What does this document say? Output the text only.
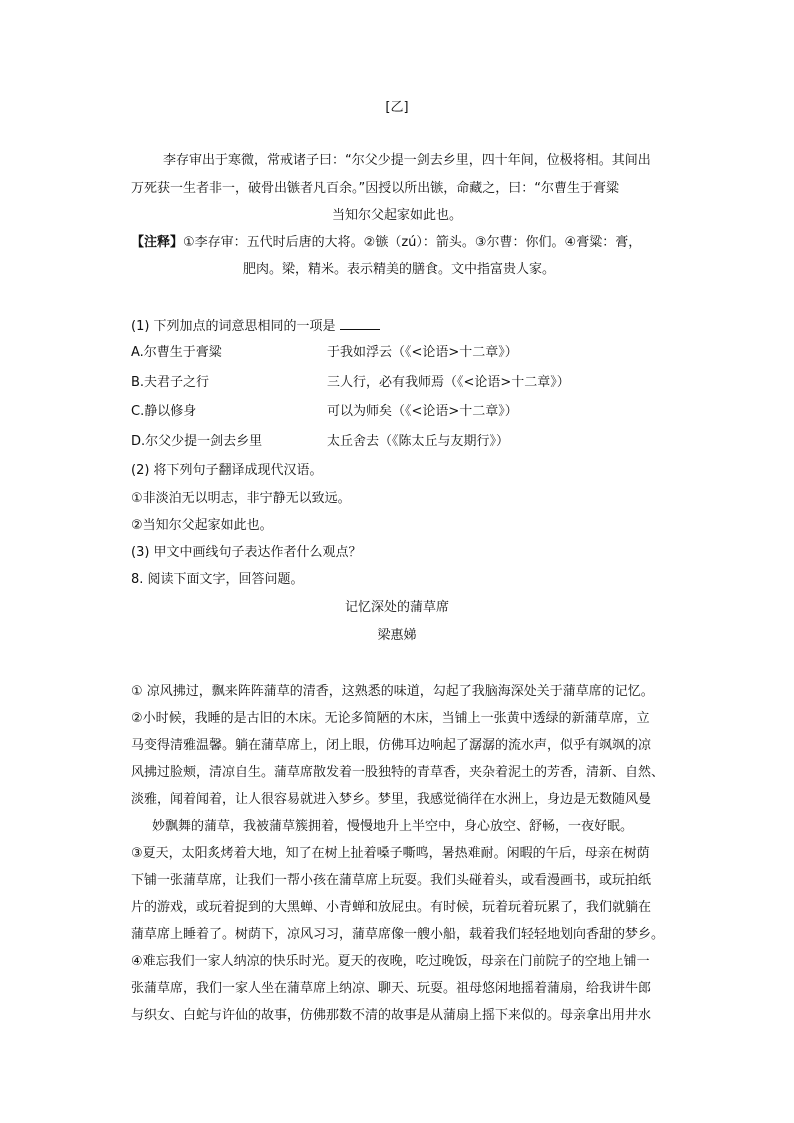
[乙]
李存审出于寒微，常戒诸子曰：“尔父少提一剑去乡里，四十年间，位极将相。其间出
万死获一生者非一，破骨出镞者凡百余。”因授以所出镞，命藏之，曰：“尔曹生于膏粱
当知尔父起家如此也。
【注释】①李存审：五代时后唐的大将。②镞（zú）：箭头。③尔曹：你们。④膏粱：膏，
肥肉。梁，精米。表示精美的膳食。文中指富贵人家。
(1) 下列加点的词意思相同的一项是
A.尔曹生于膏粱	于我如浮云（《<论语>十二章》）
B.夫君子之行	三人行，必有我师焉（《<论语>十二章》）
C.静以修身	可以为师矣（《<论语>十二章》）
D.尔父少提一剑去乡里	太丘舍去（《陈太丘与友期行》）
(2) 将下列句子翻译成现代汉语。
①非淡泊无以明志，非宁静无以致远。
②当知尔父起家如此也。
(3) 甲文中画线句子表达作者什么观点？
8. 阅读下面文字，回答问题。
记忆深处的蒲草席
梁惠娣
① 凉风拂过，飘来阵阵蒲草的清香，这熟悉的味道，勾起了我脑海深处关于蒲草席的记忆。
②小时候，我睡的是古旧的木床。无论多简陋的木床，当铺上一张黄中透绿的新蒲草席，立
马变得清雅温馨。躺在蒲草席上，闭上眼，仿佛耳边响起了潺潺的流水声，似乎有飒飒的凉
风拂过脸颊，清凉自生。蒲草席散发着一股独特的青草香，夹杂着泥土的芳香，清新、自然、
淡雅，闻着闻着，让人很容易就进入梦乡。梦里，我感觉徜徉在水洲上，身边是无数随风曼
妙飘舞的蒲草，我被蒲草簇拥着，慢慢地升上半空中，身心放空、舒畅，一夜好眠。
③夏天，太阳炙烤着大地，知了在树上扯着嗓子嘶鸣，暑热难耐。闲暇的午后，母亲在树荫
下铺一张蒲草席，让我们一帮小孩在蒲草席上玩耍。我们头碰着头，或看漫画书，或玩拍纸
片的游戏，或玩着捉到的大黑蝉、小青蝉和放屁虫。有时候，玩着玩着玩累了，我们就躺在
蒲草席上睡着了。树荫下，凉风习习，蒲草席像一艘小船，载着我们轻轻地划向香甜的梦乡。
④难忘我们一家人纳凉的快乐时光。夏天的夜晚，吃过晚饭，母亲在门前院子的空地上铺一
张蒲草席，我们一家人坐在蒲草席上纳凉、聊天、玩耍。祖母悠闲地摇着蒲扇，给我讲牛郎
与织女、白蛇与许仙的故事，仿佛那数不清的故事是从蒲扇上摇下来似的。母亲拿出用井水
